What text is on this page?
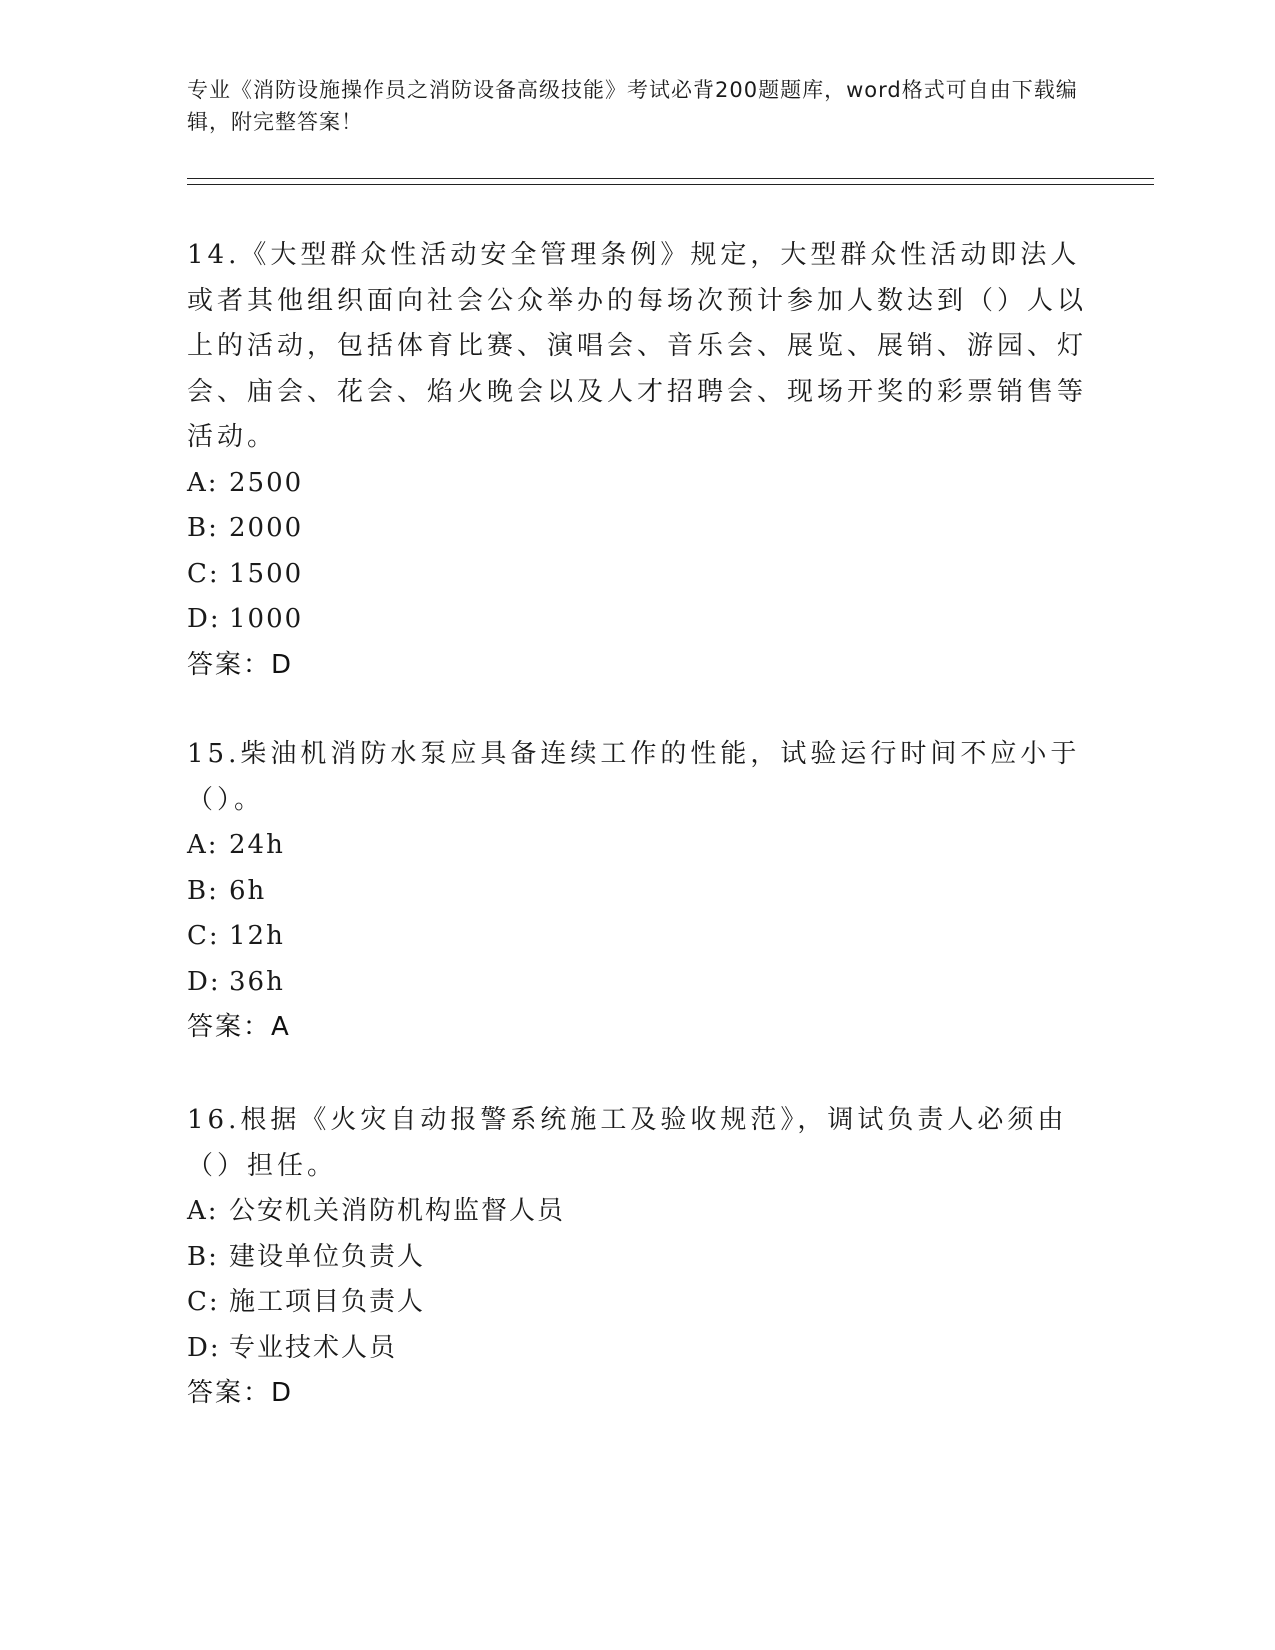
专业《消防设施操作员之消防设备高级技能》考试必背200题题库，word格式可自由下载编辑，附完整答案！

14.《大型群众性活动安全管理条例》规定，大型群众性活动即法人或者其他组织面向社会公众举办的每场次预计参加人数达到（）人以上的活动，包括体育比赛、演唱会、音乐会、展览、展销、游园、灯会、庙会、花会、焰火晚会以及人才招聘会、现场开奖的彩票销售等活动。

A: 2500

B: 2000

C: 1500

D: 1000

答案：D

15.柴油机消防水泵应具备连续工作的性能，试验运行时间不应小于（）。

A: 24h

B: 6h

C: 12h

D: 36h

答案：A

16.根据《火灾自动报警系统施工及验收规范》，调试负责人必须由（）担任。

A: 公安机关消防机构监督人员

B: 建设单位负责人

C: 施工项目负责人

D: 专业技术人员

答案：D
